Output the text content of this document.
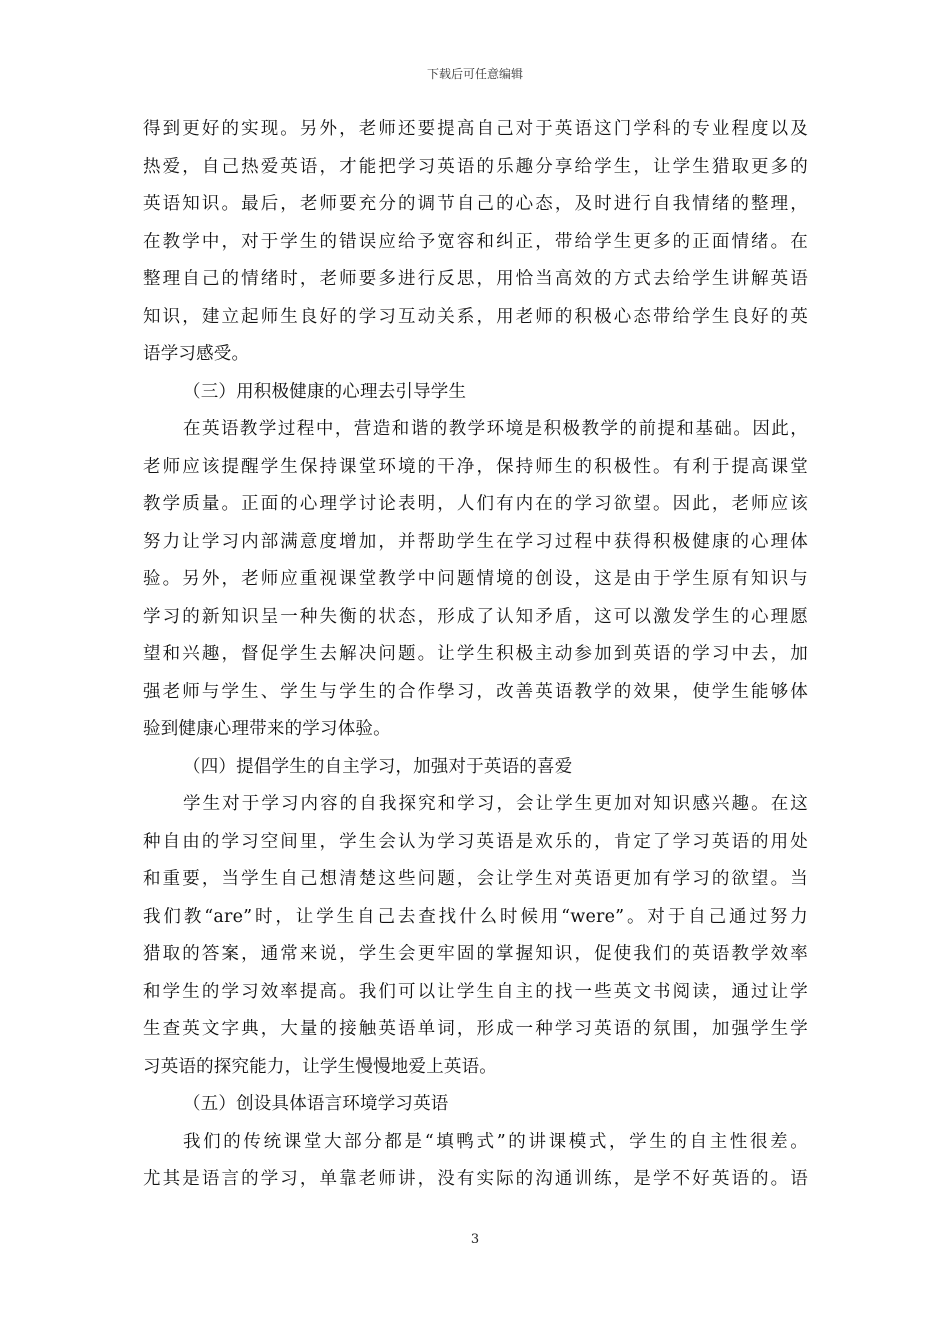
下载后可任意编辑
得到更好的实现。另外，老师还要提高自己对于英语这门学科的专业程度以及
热爱，自己热爱英语，才能把学习英语的乐趣分享给学生，让学生猎取更多的
英语知识。最后，老师要充分的调节自己的心态，及时进行自我情绪的整理，
在教学中，对于学生的错误应给予宽容和纠正，带给学生更多的正面情绪。在
整理自己的情绪时，老师要多进行反思，用恰当高效的方式去给学生讲解英语
知识，建立起师生良好的学习互动关系，用老师的积极心态带给学生良好的英
语学习感受。
（三）用积极健康的心理去引导学生
在英语教学过程中，营造和谐的教学环境是积极教学的前提和基础。因此，
老师应该提醒学生保持课堂环境的干净，保持师生的积极性。有利于提高课堂
教学质量。正面的心理学讨论表明，人们有内在的学习欲望。因此，老师应该
努力让学习内部满意度增加，并帮助学生在学习过程中获得积极健康的心理体
验。另外，老师应重视课堂教学中问题情境的创设，这是由于学生原有知识与
学习的新知识呈一种失衡的状态，形成了认知矛盾，这可以激发学生的心理愿
望和兴趣，督促学生去解决问题。让学生积极主动参加到英语的学习中去，加
强老师与学生、学生与学生的合作學习，改善英语教学的效果，使学生能够体
验到健康心理带来的学习体验。
（四）提倡学生的自主学习，加强对于英语的喜爱
学生对于学习内容的自我探究和学习，会让学生更加对知识感兴趣。在这
种自由的学习空间里，学生会认为学习英语是欢乐的，肯定了学习英语的用处
和重要，当学生自己想清楚这些问题，会让学生对英语更加有学习的欲望。当
我们教“are”时，让学生自己去查找什么时候用“were”。对于自己通过努力
猎取的答案，通常来说，学生会更牢固的掌握知识，促使我们的英语教学效率
和学生的学习效率提高。我们可以让学生自主的找一些英文书阅读，通过让学
生查英文字典，大量的接触英语单词，形成一种学习英语的氛围，加强学生学
习英语的探究能力，让学生慢慢地爱上英语。
（五）创设具体语言环境学习英语
我们的传统课堂大部分都是“填鸭式”的讲课模式，学生的自主性很差。
尤其是语言的学习，单靠老师讲，没有实际的沟通训练，是学不好英语的。语
3
